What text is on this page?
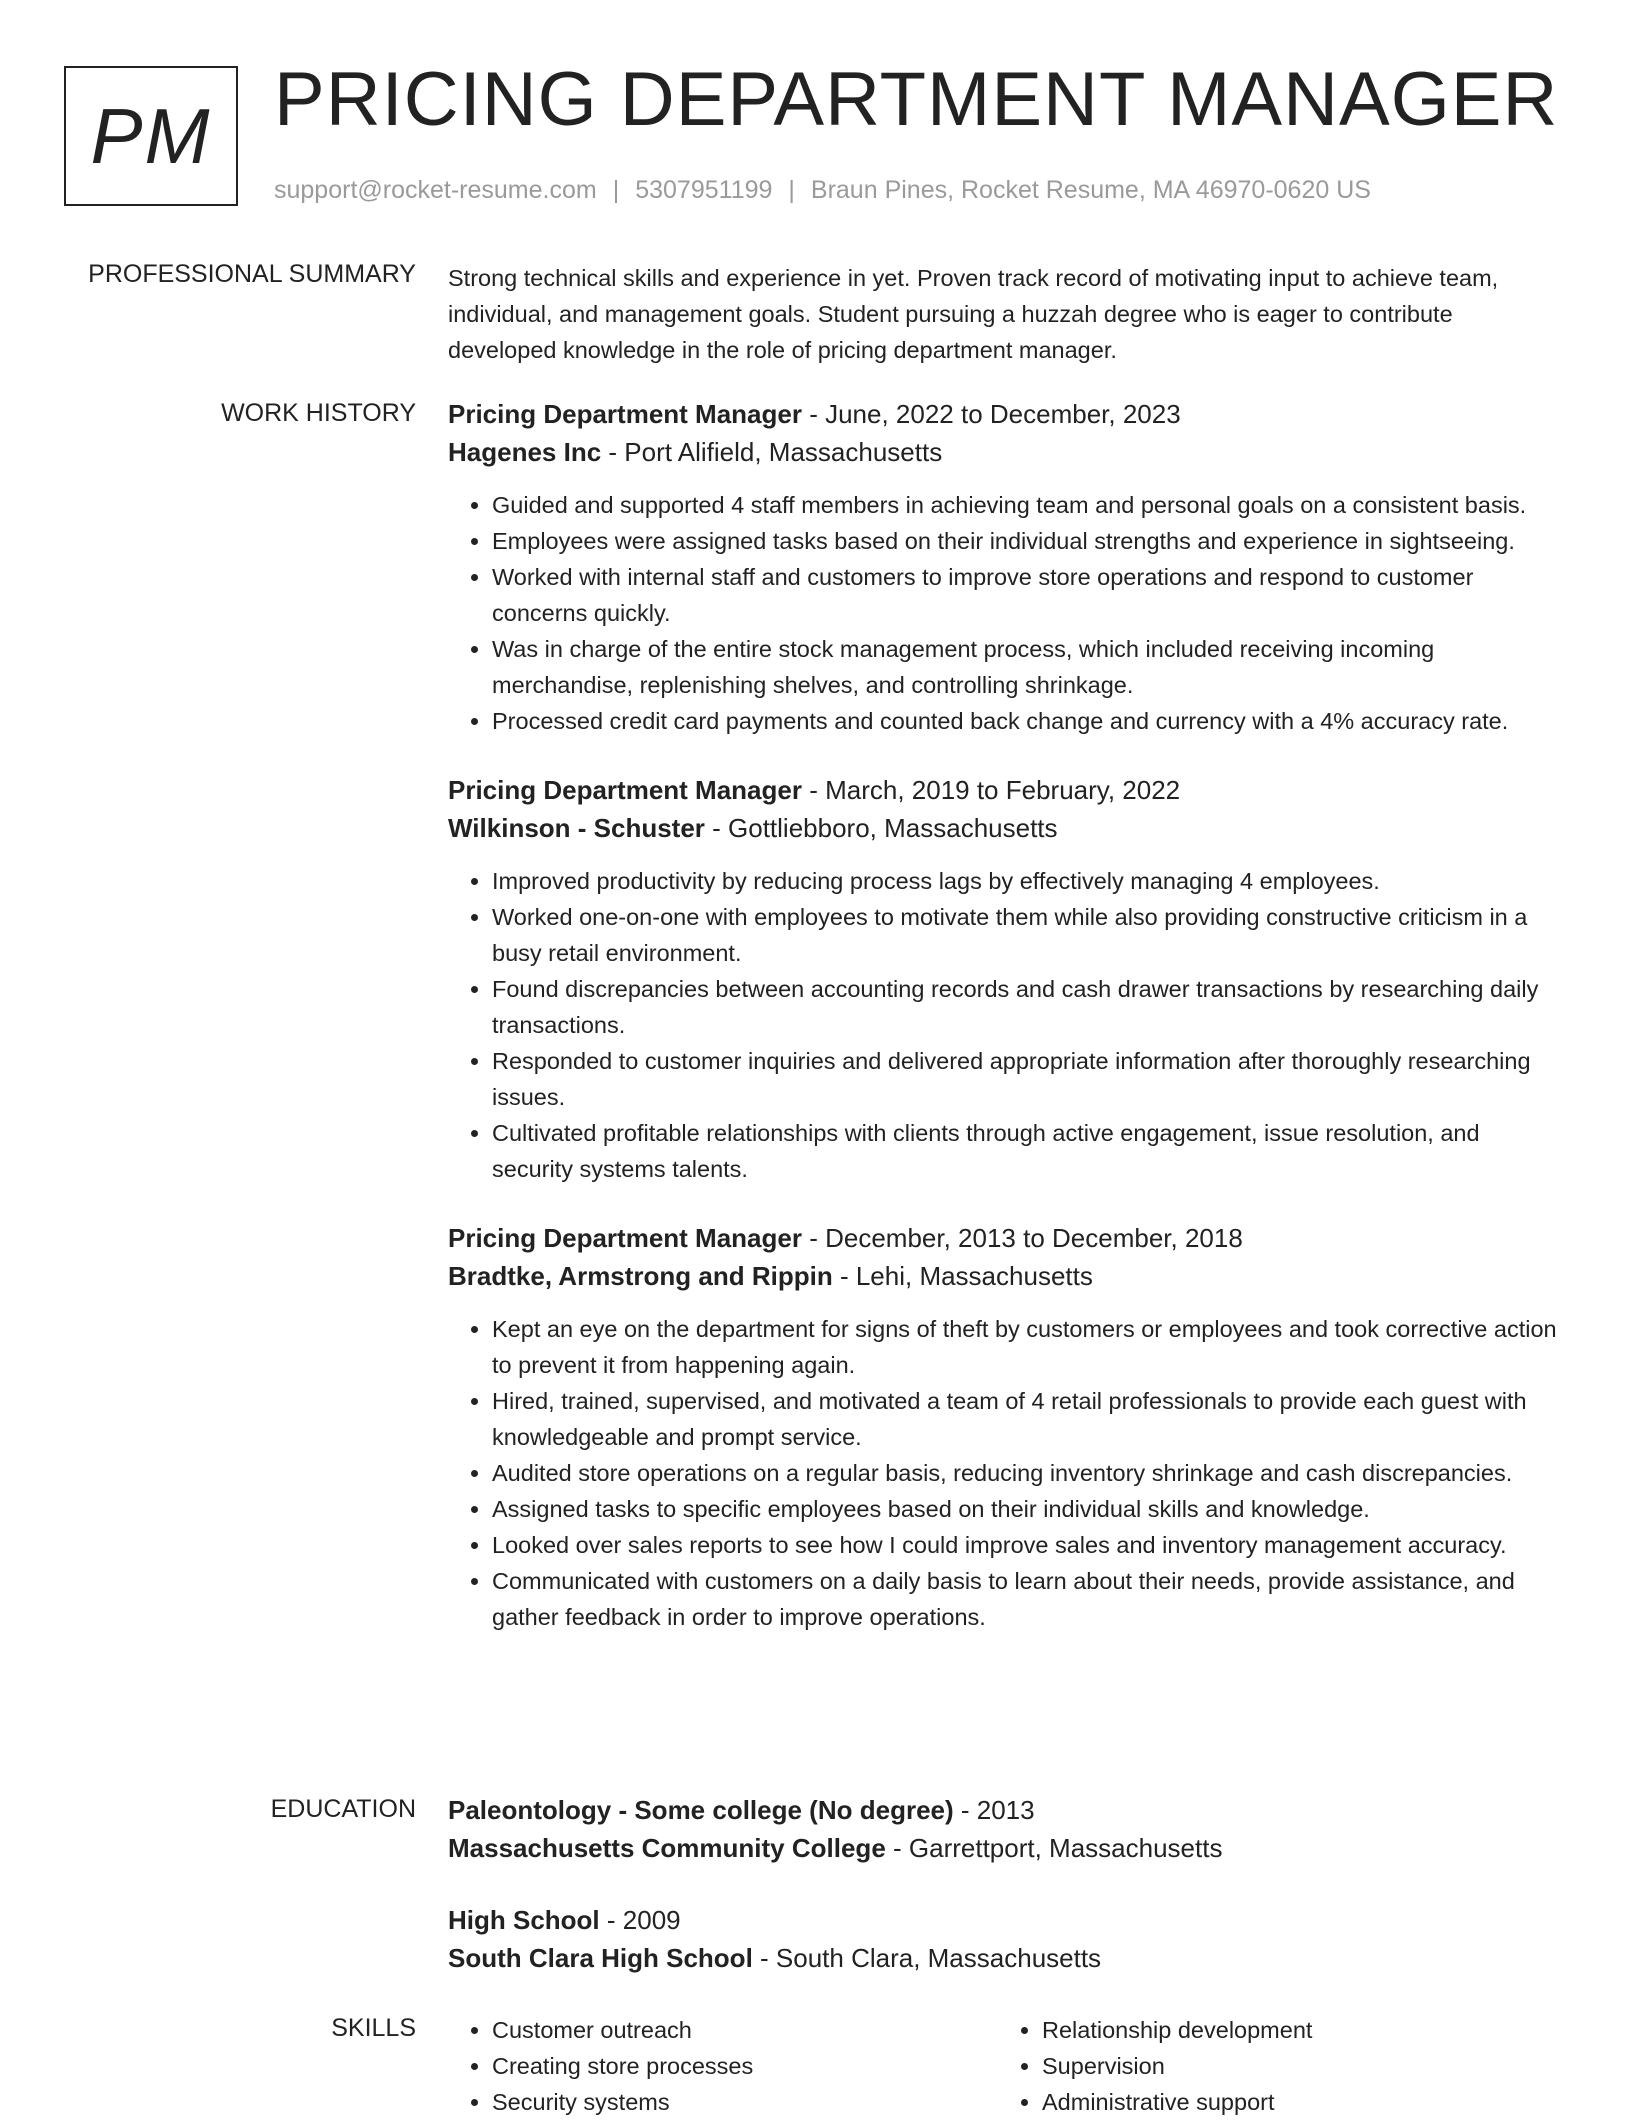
PM PRICING DEPARTMENT MANAGER
support@rocket-resume.com | 5307951199 | Braun Pines, Rocket Resume, MA 46970-0620 US
PROFESSIONAL SUMMARY Strong technical skills and experience in yet. Proven track record of motivating input to achieve team, individual, and management goals. Student pursuing a huzzah degree who is eager to contribute developed knowledge in the role of pricing department manager.

WORK HISTORY Pricing Department Manager - June, 2022 to December, 2023
Hagenes Inc - Port Alifield, Massachusetts
• Guided and supported 4 staff members in achieving team and personal goals on a consistent basis.
• Employees were assigned tasks based on their individual strengths and experience in sightseeing.
• Worked with internal staff and customers to improve store operations and respond to customer concerns quickly.
• Was in charge of the entire stock management process, which included receiving incoming merchandise, replenishing shelves, and controlling shrinkage.
• Processed credit card payments and counted back change and currency with a 4% accuracy rate.
Pricing Department Manager - March, 2019 to February, 2022
Wilkinson - Schuster - Gottliebboro, Massachusetts
• Improved productivity by reducing process lags by effectively managing 4 employees.
• Worked one-on-one with employees to motivate them while also providing constructive criticism in a busy retail environment.
• Found discrepancies between accounting records and cash drawer transactions by researching daily transactions.
• Responded to customer inquiries and delivered appropriate information after thoroughly researching issues.
• Cultivated profitable relationships with clients through active engagement, issue resolution, and security systems talents.
Pricing Department Manager - December, 2013 to December, 2018
Bradtke, Armstrong and Rippin - Lehi, Massachusetts
• Kept an eye on the department for signs of theft by customers or employees and took corrective action to prevent it from happening again.
• Hired, trained, supervised, and motivated a team of 4 retail professionals to provide each guest with knowledgeable and prompt service.
• Audited store operations on a regular basis, reducing inventory shrinkage and cash discrepancies.
• Assigned tasks to specific employees based on their individual skills and knowledge.
• Looked over sales reports to see how I could improve sales and inventory management accuracy.
• Communicated with customers on a daily basis to learn about their needs, provide assistance, and gather feedback in order to improve operations.
EDUCATION Paleontology - Some college (No degree) - 2013
Massachusetts Community College - Garrettport, Massachusetts
High School - 2009
South Clara High School - South Clara, Massachusetts
SKILLS
•	Customer outreach
• Creating store processes
• Security systems
• Relationship development
• Supervision
• Administrative support
